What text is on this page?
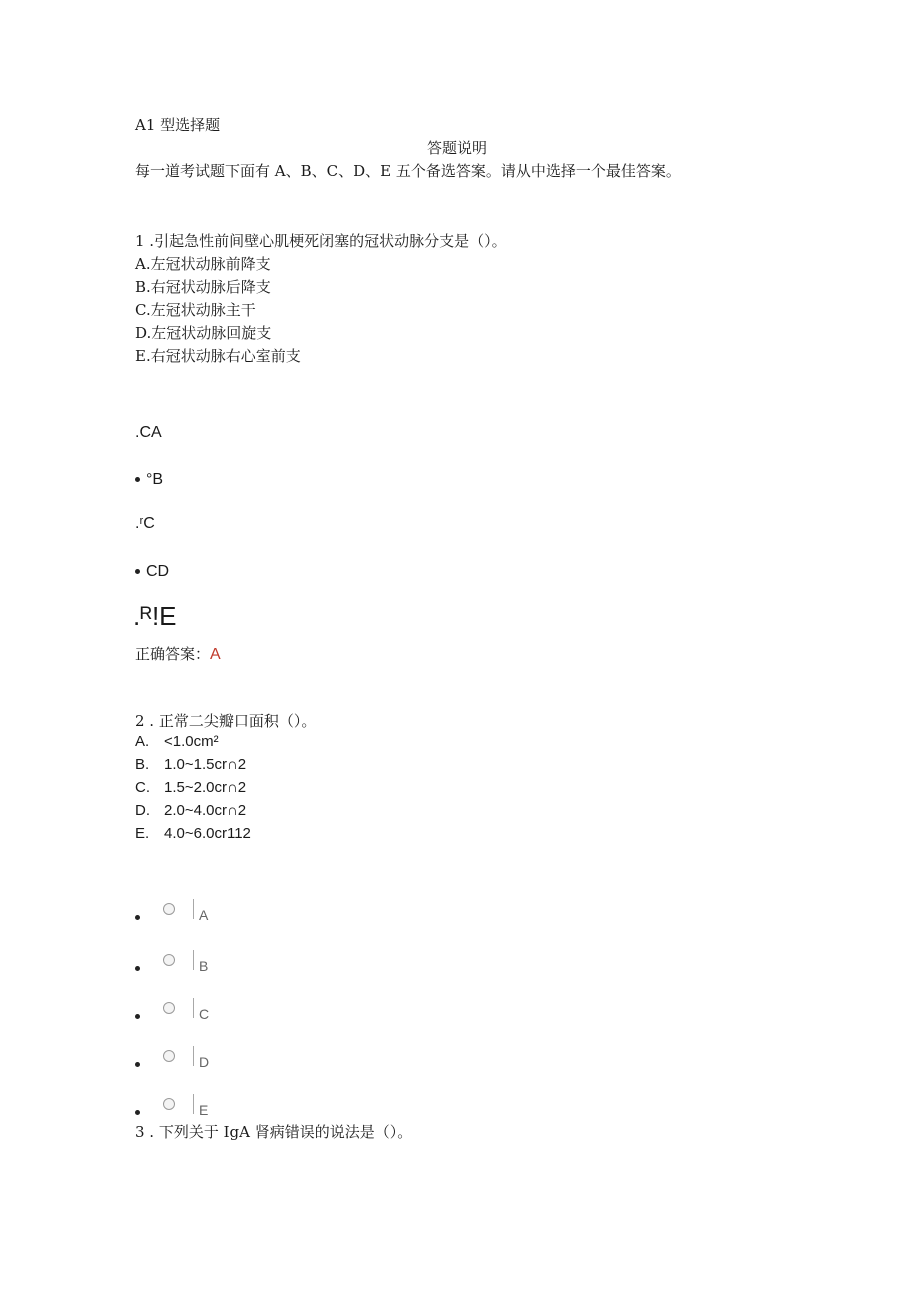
A1 型选择题
答题说明
每一道考试题下面有 A、B、C、D、E 五个备选答案。请从中选择一个最佳答案。
1 .引起急性前间壁心肌梗死闭塞的冠状动脉分支是（）。
A.左冠状动脉前降支
B.右冠状动脉后降支
C.左冠状动脉主干
D.左冠状动脉回旋支
E.右冠状动脉右心室前支
.CA
°B
.ʳC
CD
.ᴿ!E
正确答案：A
2 . 正常二尖瓣口面积（）。
A. <1.0cm²
B. 1.0~1.5cr∩2
C. 1.5~2.0cr∩2
D. 2.0~4.0cr∩2
E. 4.0~6.0cr112
A
B
C
D
E
3 . 下列关于 IgA 肾病错误的说法是（）。
